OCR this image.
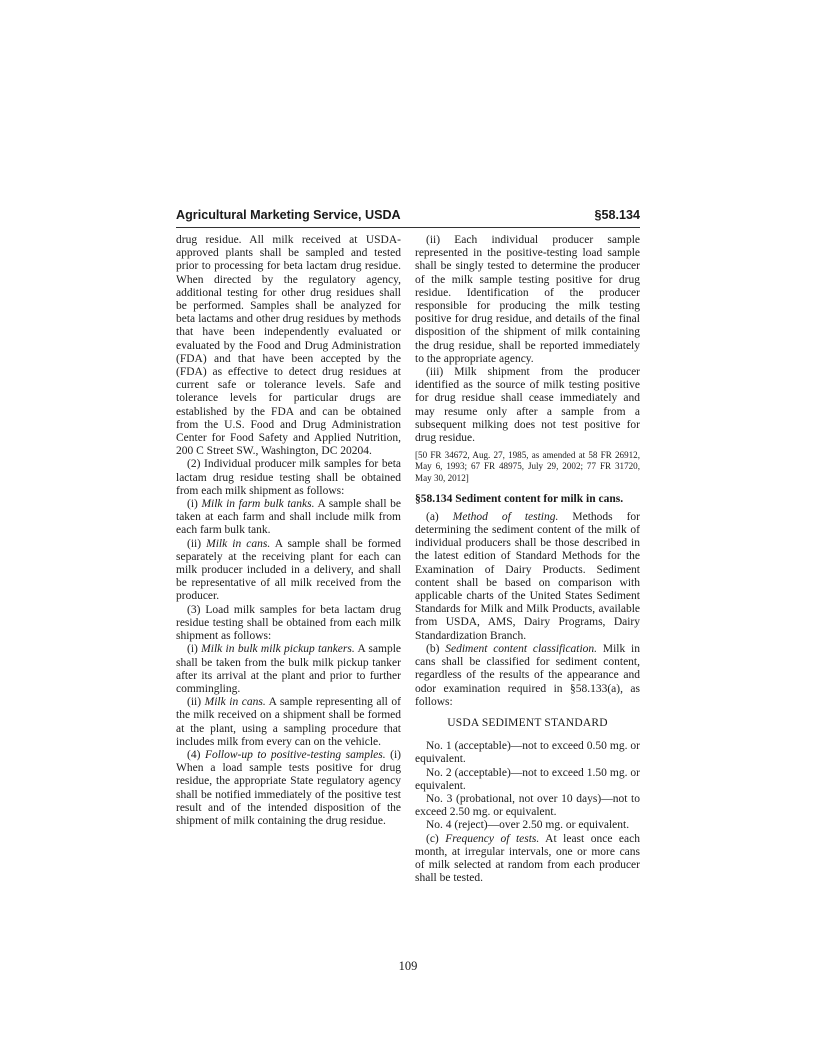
Agricultural Marketing Service, USDA	§58.134

drug residue. All milk received at USDA-approved plants shall be sampled and tested prior to processing for beta lactam drug residue. When directed by the regulatory agency, additional testing for other drug residues shall be performed. Samples shall be analyzed for beta lactams and other drug residues by methods that have been independently evaluated or evaluated by the Food and Drug Administration (FDA) and that have been accepted by the (FDA) as effective to detect drug residues at current safe or tolerance levels. Safe and tolerance levels for particular drugs are established by the FDA and can be obtained from the U.S. Food and Drug Administration Center for Food Safety and Applied Nutrition, 200 C Street SW., Washington, DC 20204.

(2) Individual producer milk samples for beta lactam drug residue testing shall be obtained from each milk shipment as follows:

(i) Milk in farm bulk tanks. A sample shall be taken at each farm and shall include milk from each farm bulk tank.

(ii) Milk in cans. A sample shall be formed separately at the receiving plant for each can milk producer included in a delivery, and shall be representative of all milk received from the producer.

(3) Load milk samples for beta lactam drug residue testing shall be obtained from each milk shipment as follows:

(i) Milk in bulk milk pickup tankers. A sample shall be taken from the bulk milk pickup tanker after its arrival at the plant and prior to further commingling.

(ii) Milk in cans. A sample representing all of the milk received on a shipment shall be formed at the plant, using a sampling procedure that includes milk from every can on the vehicle.

(4) Follow-up to positive-testing samples. (i) When a load sample tests positive for drug residue, the appropriate State regulatory agency shall be notified immediately of the positive test result and of the intended disposition of the shipment of milk containing the drug residue.

(ii) Each individual producer sample represented in the positive-testing load sample shall be singly tested to determine the producer of the milk sample testing positive for drug residue. Identification of the producer responsible for producing the milk testing positive for drug residue, and details of the final disposition of the shipment of milk containing the drug residue, shall be reported immediately to the appropriate agency.

(iii) Milk shipment from the producer identified as the source of milk testing positive for drug residue shall cease immediately and may resume only after a sample from a subsequent milking does not test positive for drug residue.

[50 FR 34672, Aug. 27, 1985, as amended at 58 FR 26912, May 6, 1993; 67 FR 48975, July 29, 2002; 77 FR 31720, May 30, 2012]

§58.134 Sediment content for milk in cans.

(a) Method of testing. Methods for determining the sediment content of the milk of individual producers shall be those described in the latest edition of Standard Methods for the Examination of Dairy Products. Sediment content shall be based on comparison with applicable charts of the United States Sediment Standards for Milk and Milk Products, available from USDA, AMS, Dairy Programs, Dairy Standardization Branch.

(b) Sediment content classification. Milk in cans shall be classified for sediment content, regardless of the results of the appearance and odor examination required in §58.133(a), as follows:

USDA SEDIMENT STANDARD

No. 1 (acceptable)—not to exceed 0.50 mg. or equivalent.

No. 2 (acceptable)—not to exceed 1.50 mg. or equivalent.

No. 3 (probational, not over 10 days)—not to exceed 2.50 mg. or equivalent.

No. 4 (reject)—over 2.50 mg. or equivalent.

(c) Frequency of tests. At least once each month, at irregular intervals, one or more cans of milk selected at random from each producer shall be tested.

109
